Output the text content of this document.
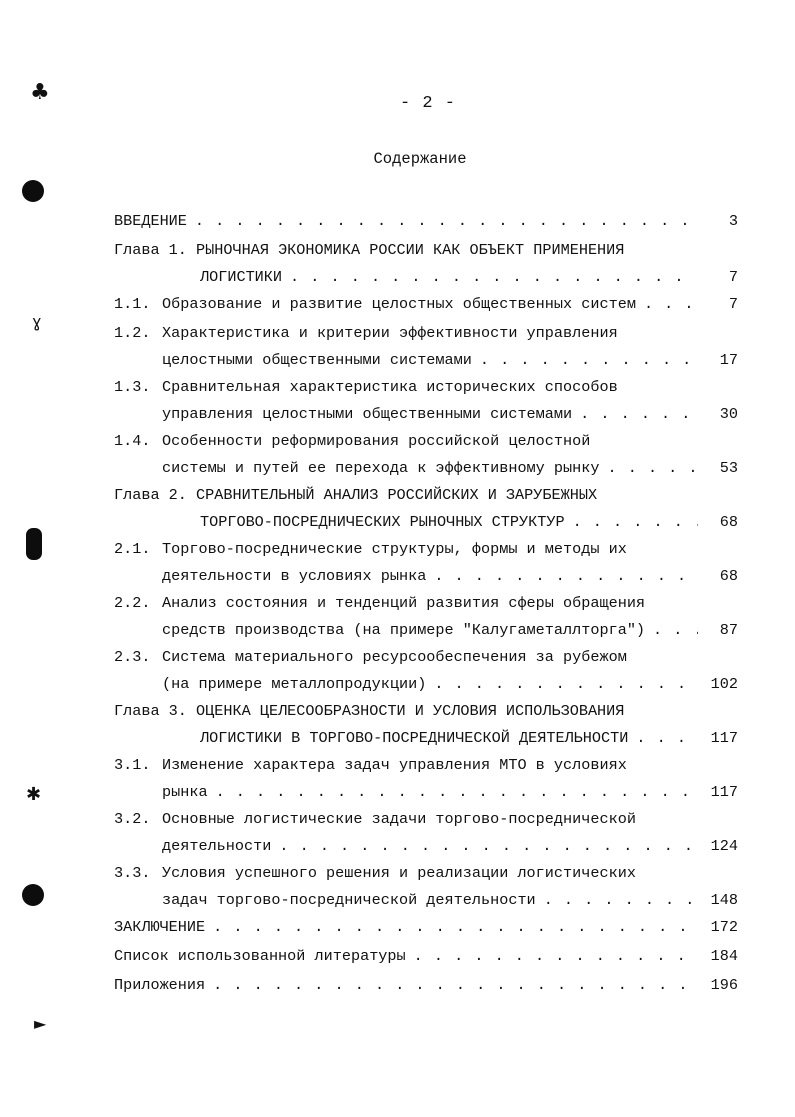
♣
ɣ
✱
►
- 2 -
Содержание
ВВЕДЕНИЕ . . .	3
Глава 1. РЫНОЧНАЯ ЭКОНОМИКА РОССИИ КАК ОБЪЕКТ ПРИМЕНЕНИЯ
ЛОГИСТИКИ . . .	7
1.1. Образование и развитие целостных общественных систем . . .	7
1.2. Характеристика и критерии эффективности управления
целостными общественными системами . . .	17
1.3. Сравнительная характеристика исторических способов
управления целостными общественными системами . . .	30
1.4. Особенности реформирования российской целостной
системы и путей ее перехода к эффективному рынку . . .	53
Глава 2. СРАВНИТЕЛЬНЫЙ АНАЛИЗ РОССИЙСКИХ И ЗАРУБЕЖНЫХ
ТОРГОВО-ПОСРЕДНИЧЕСКИХ РЫНОЧНЫХ СТРУКТУР . . .	68
2.1. Торгово-посреднические структуры, формы и методы их
деятельности в условиях рынка . . .	68
2.2. Анализ состояния и тенденций развития сферы обращения
средств производства (на примере "Калугаметаллторга") . . .	87
2.3. Система материального ресурсообеспечения за рубежом
(на примере металлопродукции) . . .	102
Глава 3. ОЦЕНКА ЦЕЛЕСООБРАЗНОСТИ И УСЛОВИЯ ИСПОЛЬЗОВАНИЯ
ЛОГИСТИКИ В ТОРГОВО-ПОСРЕДНИЧЕСКОЙ ДЕЯТЕЛЬНОСТИ . . .	117
3.1. Изменение характера задач управления МТО в условиях
рынка . . .	117
3.2. Основные логистические задачи торгово-посреднической
деятельности . . .	124
3.3. Условия успешного решения и реализации логистических
задач торгово-посреднической деятельности . . .	148
ЗАКЛЮЧЕНИЕ . . .	172
Список использованной литературы . . .	184
Приложения . . .	196
